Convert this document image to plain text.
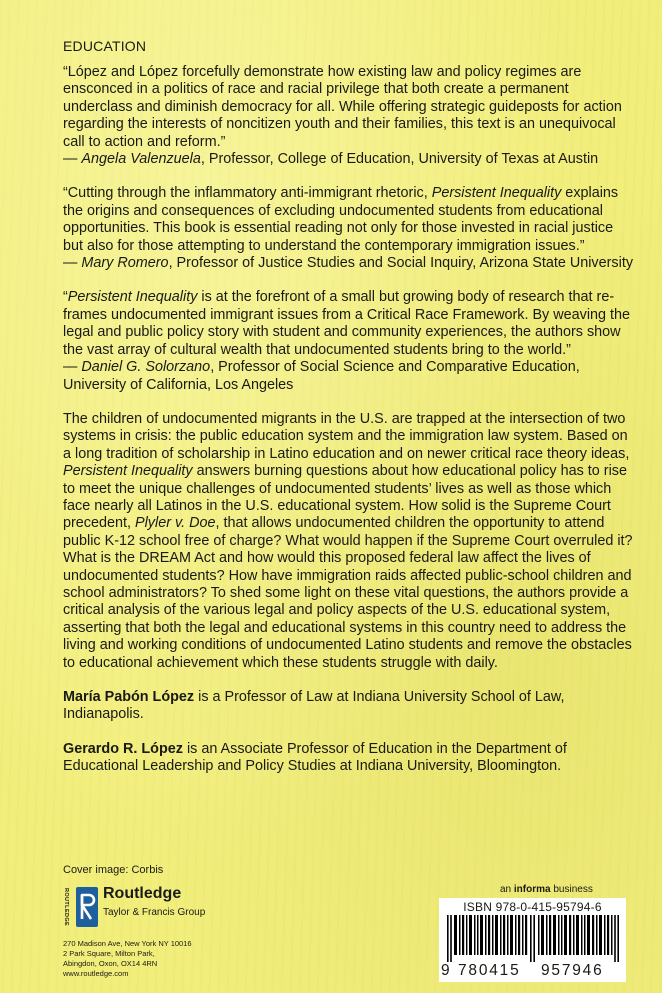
EDUCATION
“López and López forcefully demonstrate how existing law and policy regimes are ensconced in a politics of race and racial privilege that both create a permanent underclass and diminish democracy for all. While offering strategic guideposts for action regarding the interests of noncitizen youth and their families, this text is an unequivocal call to action and reform.”
— Angela Valenzuela, Professor, College of Education, University of Texas at Austin
“Cutting through the inflammatory anti-immigrant rhetoric, Persistent Inequality explains the origins and consequences of excluding undocumented students from educational opportunities. This book is essential reading not only for those invested in racial justice but also for those attempting to understand the contemporary immigration issues.”
— Mary Romero, Professor of Justice Studies and Social Inquiry, Arizona State University
“Persistent Inequality is at the forefront of a small but growing body of research that re-frames undocumented immigrant issues from a Critical Race Framework. By weaving the legal and public policy story with student and community experiences, the authors show the vast array of cultural wealth that undocumented students bring to the world.”
— Daniel G. Solorzano, Professor of Social Science and Comparative Education, University of California, Los Angeles
The children of undocumented migrants in the U.S. are trapped at the intersection of two systems in crisis: the public education system and the immigration law system. Based on a long tradition of scholarship in Latino education and on newer critical race theory ideas, Persistent Inequality answers burning questions about how educational policy has to rise to meet the unique challenges of undocumented students’ lives as well as those which face nearly all Latinos in the U.S. educational system. How solid is the Supreme Court precedent, Plyler v. Doe, that allows undocumented children the opportunity to attend public K-12 school free of charge? What would happen if the Supreme Court overruled it? What is the DREAM Act and how would this proposed federal law affect the lives of undocumented students? How have immigration raids affected public-school children and school administrators? To shed some light on these vital questions, the authors provide a critical analysis of the various legal and policy aspects of the U.S. educational system, asserting that both the legal and educational systems in this country need to address the living and working conditions of undocumented Latino students and remove the obstacles to educational achievement which these students struggle with daily.
María Pabón López is a Professor of Law at Indiana University School of Law, Indianapolis.
Gerardo R. López is an Associate Professor of Education in the Department of Educational Leadership and Policy Studies at Indiana University, Bloomington.
Cover image: Corbis
ROUTLEDGE Routledge
Taylor & Francis Group
270 Madison Ave, New York NY 10016
2 Park Square, Milton Park,
Abingdon, Oxon, OX14 4RN
www.routledge.com
an informa business
ISBN 978-0-415-95794-6
9 780415 957946
